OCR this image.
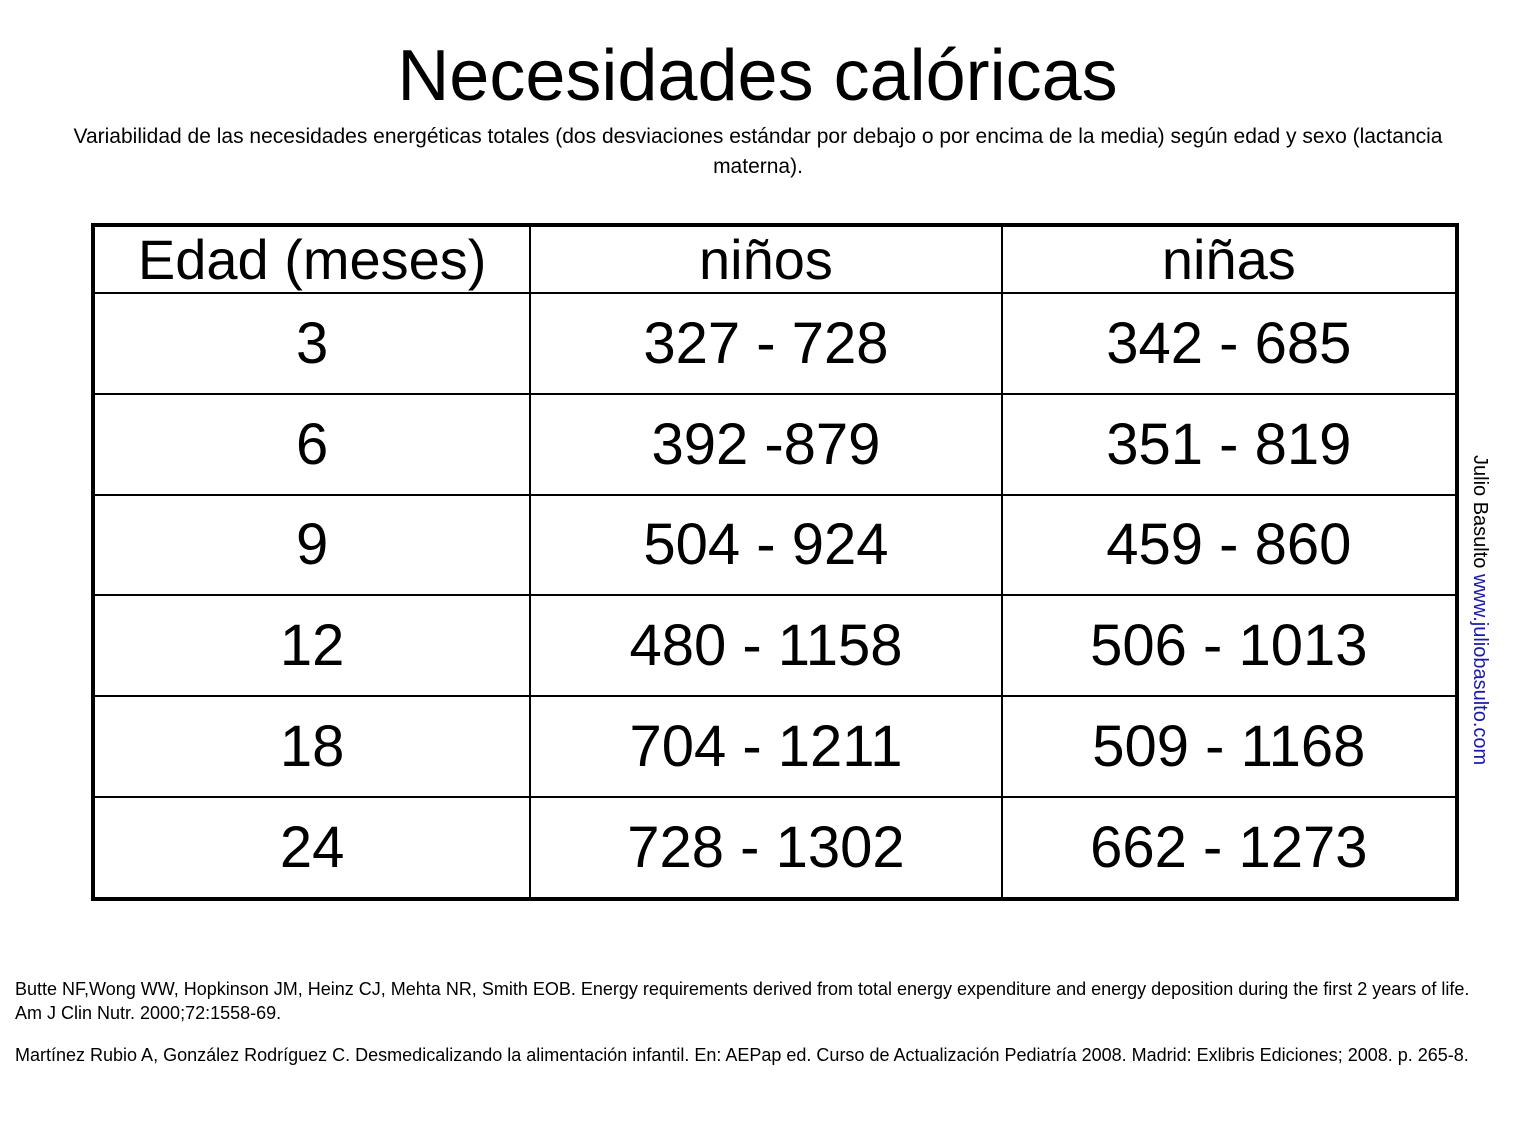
Necesidades calóricas

Variabilidad de las necesidades energéticas totales (dos desviaciones estándar por debajo o por encima de la media) según edad y sexo (lactancia materna).

Edad (meses)	niños	niñas
3	327 - 728	342 - 685
6	392 -879	351 - 819
9	504 - 924	459 - 860
12	480 - 1158	506 - 1013
18	704 - 1211	509 - 1168
24	728 - 1302	662 - 1273
Julio Basulto www.juliobasulto.com

Butte NF,Wong WW, Hopkinson JM, Heinz CJ, Mehta NR, Smith EOB. Energy requirements derived from total energy expenditure and energy deposition during the first 2 years of life. Am J Clin Nutr. 2000;72:1558-69.

Martínez Rubio A, González Rodríguez C. Desmedicalizando la alimentación infantil. En: AEPap ed. Curso de Actualización Pediatría 2008. Madrid: Exlibris Ediciones; 2008. p. 265-8.
